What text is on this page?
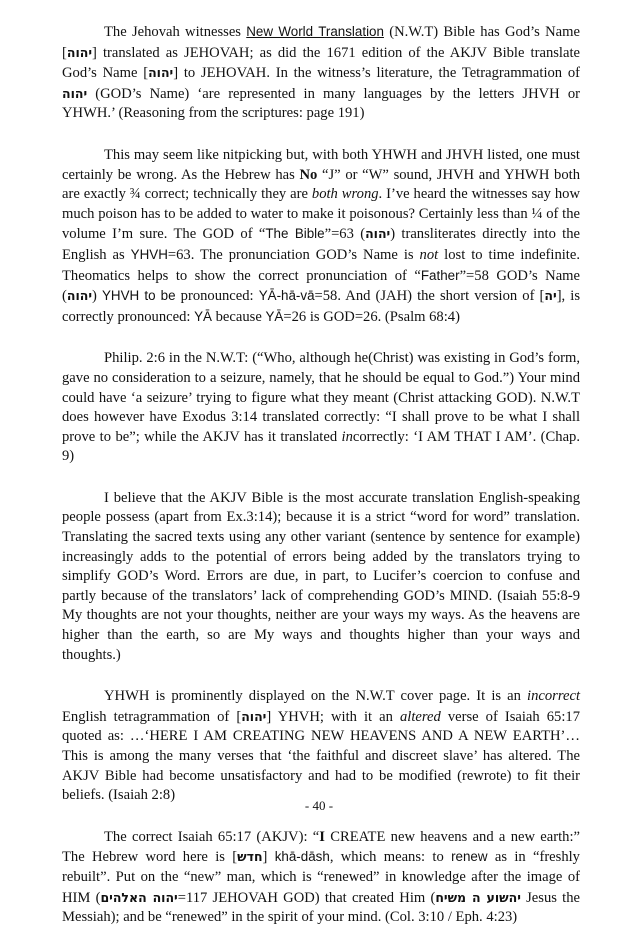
The Jehovah witnesses New World Translation (N.W.T) Bible has God’s Name [יהוה] translated as JEHOVAH; as did the 1671 edition of the AKJV Bible translate God’s Name [יהוה] to JEHOVAH. In the witness’s literature, the Tetragrammation of יהוה (GOD’s Name) ‘are represented in many languages by the letters JHVH or YHWH.’ (Reasoning from the scriptures: page 191)

This may seem like nitpicking but, with both YHWH and JHVH listed, one must certainly be wrong. As the Hebrew has No “J” or “W” sound, JHVH and YHWH both are exactly ¾ correct; technically they are both wrong. I’ve heard the witnesses say how much poison has to be added to water to make it poisonous? Certainly less than ¼ of the volume I’m sure. The GOD of “The Bible”=63 (יהוה) transliterates directly into the English as YHVH=63. The pronunciation GOD’s Name is not lost to time indefinite. Theomatics helps to show the correct pronunciation of “Father”=58 GOD’s Name (יהוה) YHVH to be pronounced: YĀ-hā-vā=58. And (JAH) the short version of [יה], is correctly pronounced: YĀ because YĀ=26 is GOD=26. (Psalm 68:4)

Philip. 2:6 in the N.W.T: (“Who, although he(Christ) was existing in God’s form, gave no consideration to a seizure, namely, that he should be equal to God.”) Your mind could have ‘a seizure’ trying to figure what they meant (Christ attacking GOD). N.W.T does however have Exodus 3:14 translated correctly: “I shall prove to be what I shall prove to be”; while the AKJV has it translated incorrectly: ‘I AM THAT I AM’. (Chap. 9)

I believe that the AKJV Bible is the most accurate translation English-speaking people possess (apart from Ex.3:14); because it is a strict “word for word” translation. Translating the sacred texts using any other variant (sentence by sentence for example) increasingly adds to the potential of errors being added by the translators trying to simplify GOD’s Word. Errors are due, in part, to Lucifer’s coercion to confuse and partly because of the translators’ lack of comprehending GOD’s MIND. (Isaiah 55:8-9 My thoughts are not your thoughts, neither are your ways my ways. As the heavens are higher than the earth, so are My ways and thoughts higher than your ways and thoughts.)

YHWH is prominently displayed on the N.W.T cover page. It is an incorrect English tetragrammation of [יהוה] YHVH; with it an altered verse of Isaiah 65:17 quoted as: …‘HERE I AM CREATING NEW HEAVENS AND A NEW EARTH’… This is among the many verses that ‘the faithful and discreet slave’ has altered. The AKJV Bible had become unsatisfactory and had to be modified (rewrote) to fit their beliefs. (Isaiah 2:8)

The correct Isaiah 65:17 (AKJV): “I CREATE new heavens and a new earth:” The Hebrew word here is [חדש] khā-dāsh, which means: to renew as in “freshly rebuilt”. Put on the “new” man, which is “renewed” in knowledge after the image of HIM (יהוה האלהים=117 JEHOVAH GOD) that created Him (יהשוע ה משיח Jesus the Messiah); and be “renewed” in the spirit of your mind. (Col. 3:10 / Eph. 4:23)

- 40 -
